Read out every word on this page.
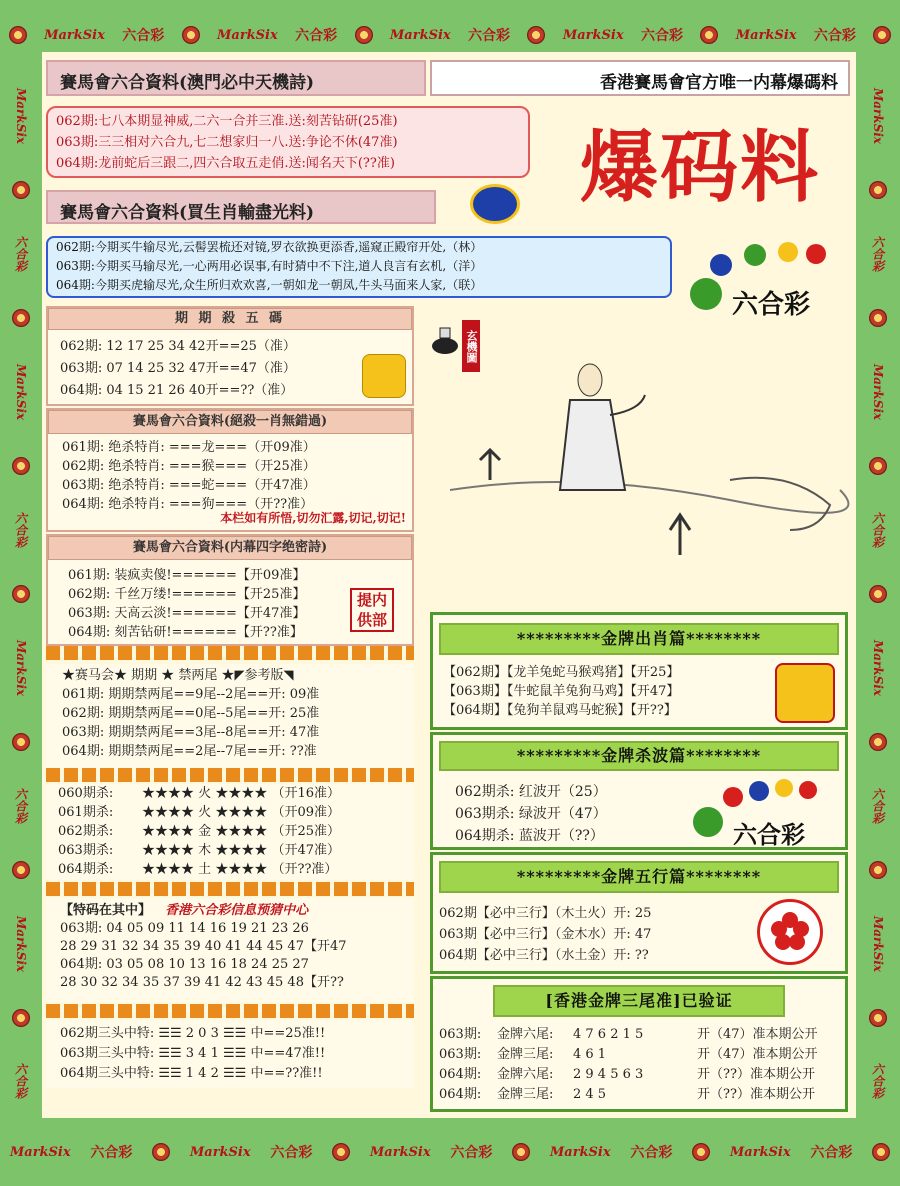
MarkSix 六合彩	MarkSix 六合彩	MarkSix 六合彩	MarkSix 六合彩	MarkSix 六合彩
MarkSix 六合彩	MarkSix 六合彩	MarkSix 六合彩	MarkSix 六合彩	MarkSix 六合彩
MarkSix
六合彩
MarkSix
六合彩
MarkSix
六合彩
MarkSix
六合彩
MarkSix
六合彩
MarkSix
六合彩
MarkSix
六合彩
MarkSix
六合彩
賽馬會六合資料(澳門必中天機詩)	香港賽馬會官方唯一内幕爆碼料
062期:七八本期显神威,二六一合并三准.送:刻苦钻研(25准)
063期:三三相对六合九,七二想家归一八.送:争论不休(47准)
064期:龙前蛇后三跟二,四六合取五走俏.送:闻名天下(??准)	爆码料
賽馬會六合資料(買生肖輸盡光料)
062期:今期买牛输尽光,云髻罢梳还对镜,罗衣欲换更添香,遥窥正殿帘开处,（林）
063期:今期买马输尽光,一心两用必误事,有时猜中不下注,道人良言有玄机,（洋）
064期:今期买虎输尽光,众生所归欢欢喜,一朝如龙一朝凤,牛头马面来人家,（联）
六合彩
期 期 殺 五 碼
062期: 12 17 25 34 42开==25（准）
063期: 07 14 25 32 47开==47（准）
064期: 04 15 21 26 40开==??（准）
賽馬會六合資料(絕殺一肖無錯過)
061期: 绝杀特肖: ===龙===（开09准）
062期: 绝杀特肖: ===猴===（开25准）
063期: 绝杀特肖: ===蛇===（开47准）
064期: 绝杀特肖: ===狗===（开??准）
本栏如有所悟,切勿汇露,切记,切记!
賽馬會六合資料(内幕四字绝密詩)
061期: 装疯卖傻!======【开09准】
062期: 千丝万缕!======【开25准】
063期: 天高云淡!======【开47准】
064期: 刻苦钻研!======【开??准】
提内供部
★赛马会★ 期期 ★ 禁两尾 ★◤参考版◥
061期: 期期禁两尾==9尾--2尾==开: 09准
062期: 期期禁两尾==0尾--5尾==开: 25准
063期: 期期禁两尾==3尾--8尾==开: 47准
064期: 期期禁两尾==2尾--7尾==开: ??准
060期杀: ★★★★ 火 ★★★★ （开16准）
061期杀: ★★★★ 火 ★★★★ （开09准）
062期杀: ★★★★ 金 ★★★★ （开25准）
063期杀: ★★★★ 木 ★★★★ （开47准）
064期杀: ★★★★ 土 ★★★★ （开??准）
【特码在其中】 香港六合彩信息预猜中心
063期: 04 05 09 11 14 16 19 21 23 26
28 29 31 32 34 35 39 40 41 44 45 47【开47
064期: 03 05 08 10 13 16 18 24 25 27
28 30 32 34 35 37 39 41 42 43 45 48【开??
062期三头中特: ☰☰ 2 0 3 ☰☰ 中==25准!!
063期三头中特: ☰☰ 3 4 1 ☰☰ 中==47准!!
064期三头中特: ☰☰ 1 4 2 ☰☰ 中==??准!!
玄機圖
*********金牌出肖篇********
【062期】【龙羊兔蛇马猴鸡猪】【开25】
【063期】【牛蛇鼠羊兔狗马鸡】【开47】
【064期】【兔狗羊鼠鸡马蛇猴】【开??】
*********金牌杀波篇********
062期杀: 红波开（25）
063期杀: 绿波开（47）
064期杀: 蓝波开（??）	六合彩
*********金牌五行篇********
062期【必中三行】（木土火）开: 25
063期【必中三行】（金木水）开: 47
064期【必中三行】（水土金）开: ??
[香港金牌三尾准]已验证
063期: 金牌六尾: 4 7 6 2 1 5	开（47）准本期公开
063期: 金牌三尾: 4 6 1	开（47）准本期公开
064期: 金牌六尾: 2 9 4 5 6 3	开（??）准本期公开
064期: 金牌三尾: 2 4 5	开（??）准本期公开
